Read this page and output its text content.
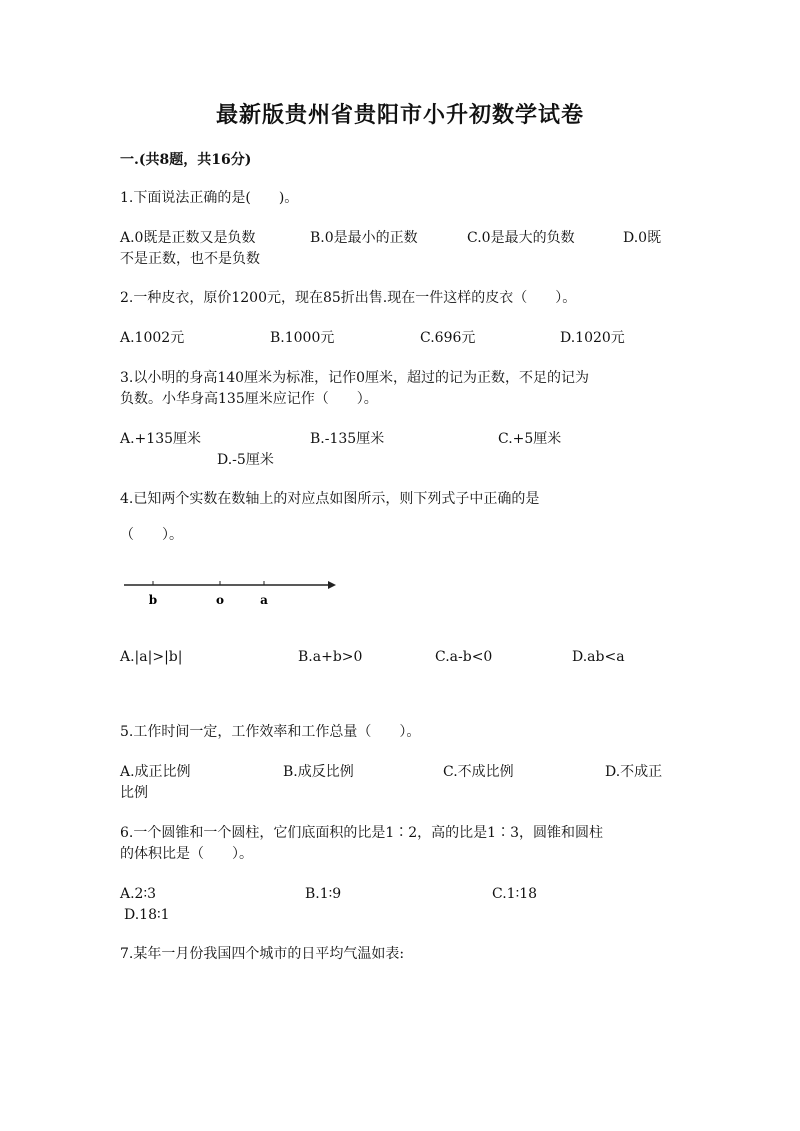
最新版贵州省贵阳市小升初数学试卷
一.(共8题，共16分)
1.下面说法正确的是(　　)。
A.0既是正数又是负数	B.0是最小的正数	C.0是最大的负数	D.0既
不是正数，也不是负数
2.一种皮衣，原价1200元，现在85折出售.现在一件这样的皮衣（　　）。
A.1002元	B.1000元	C.696元	D.1020元
3.以小明的身高140厘米为标准，记作0厘米，超过的记为正数，不足的记为
负数。小华身高135厘米应记作（　　）。
A.+135厘米	B.-135厘米	C.+5厘米
D.-5厘米
4.已知两个实数在数轴上的对应点如图所示，则下列式子中正确的是
（　　）。
b	o	a
A.|a|>|b|	B.a+b>0	C.a-b<0	D.ab<a
5.工作时间一定，工作效率和工作总量（　　）。
A.成正比例	B.成反比例	C.不成比例	D.不成正
比例
6.一个圆锥和一个圆柱，它们底面积的比是1∶2，高的比是1∶3，圆锥和圆柱
的体积比是（　　）。
A.2∶3	B.1∶9	C.1∶18
D.18∶1
7.某年一月份我国四个城市的日平均气温如表:
